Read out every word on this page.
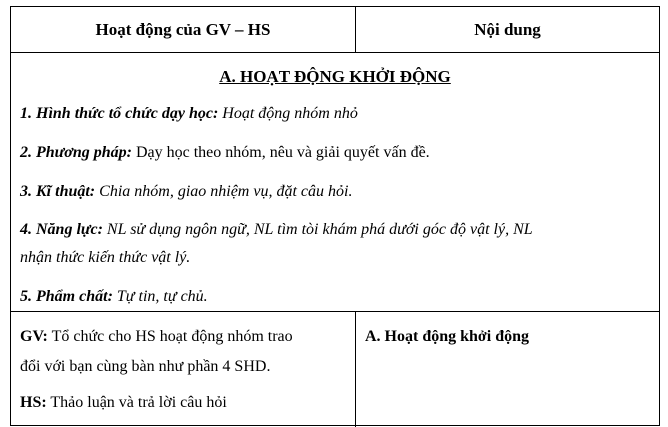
Hoạt động của GV – HS	Nội dung
A. HOẠT ĐỘNG KHỞI ĐỘNG
1. Hình thức tổ chức dạy học: Hoạt động nhóm nhỏ
2. Phương pháp: Dạy học theo nhóm, nêu và giải quyết vấn đề.
3. Kĩ thuật: Chia nhóm, giao nhiệm vụ, đặt câu hỏi.
4. Năng lực: NL sử dụng ngôn ngữ, NL tìm tòi khám phá dưới góc độ vật lý, NL
nhận thức kiến thức vật lý.
5. Phẩm chất: Tự tin, tự chủ.
GV: Tổ chức cho HS hoạt động nhóm trao
đổi với bạn cùng bàn như phần 4 SHD.
HS: Thảo luận và trả lời câu hỏi
A. Hoạt động khởi động
